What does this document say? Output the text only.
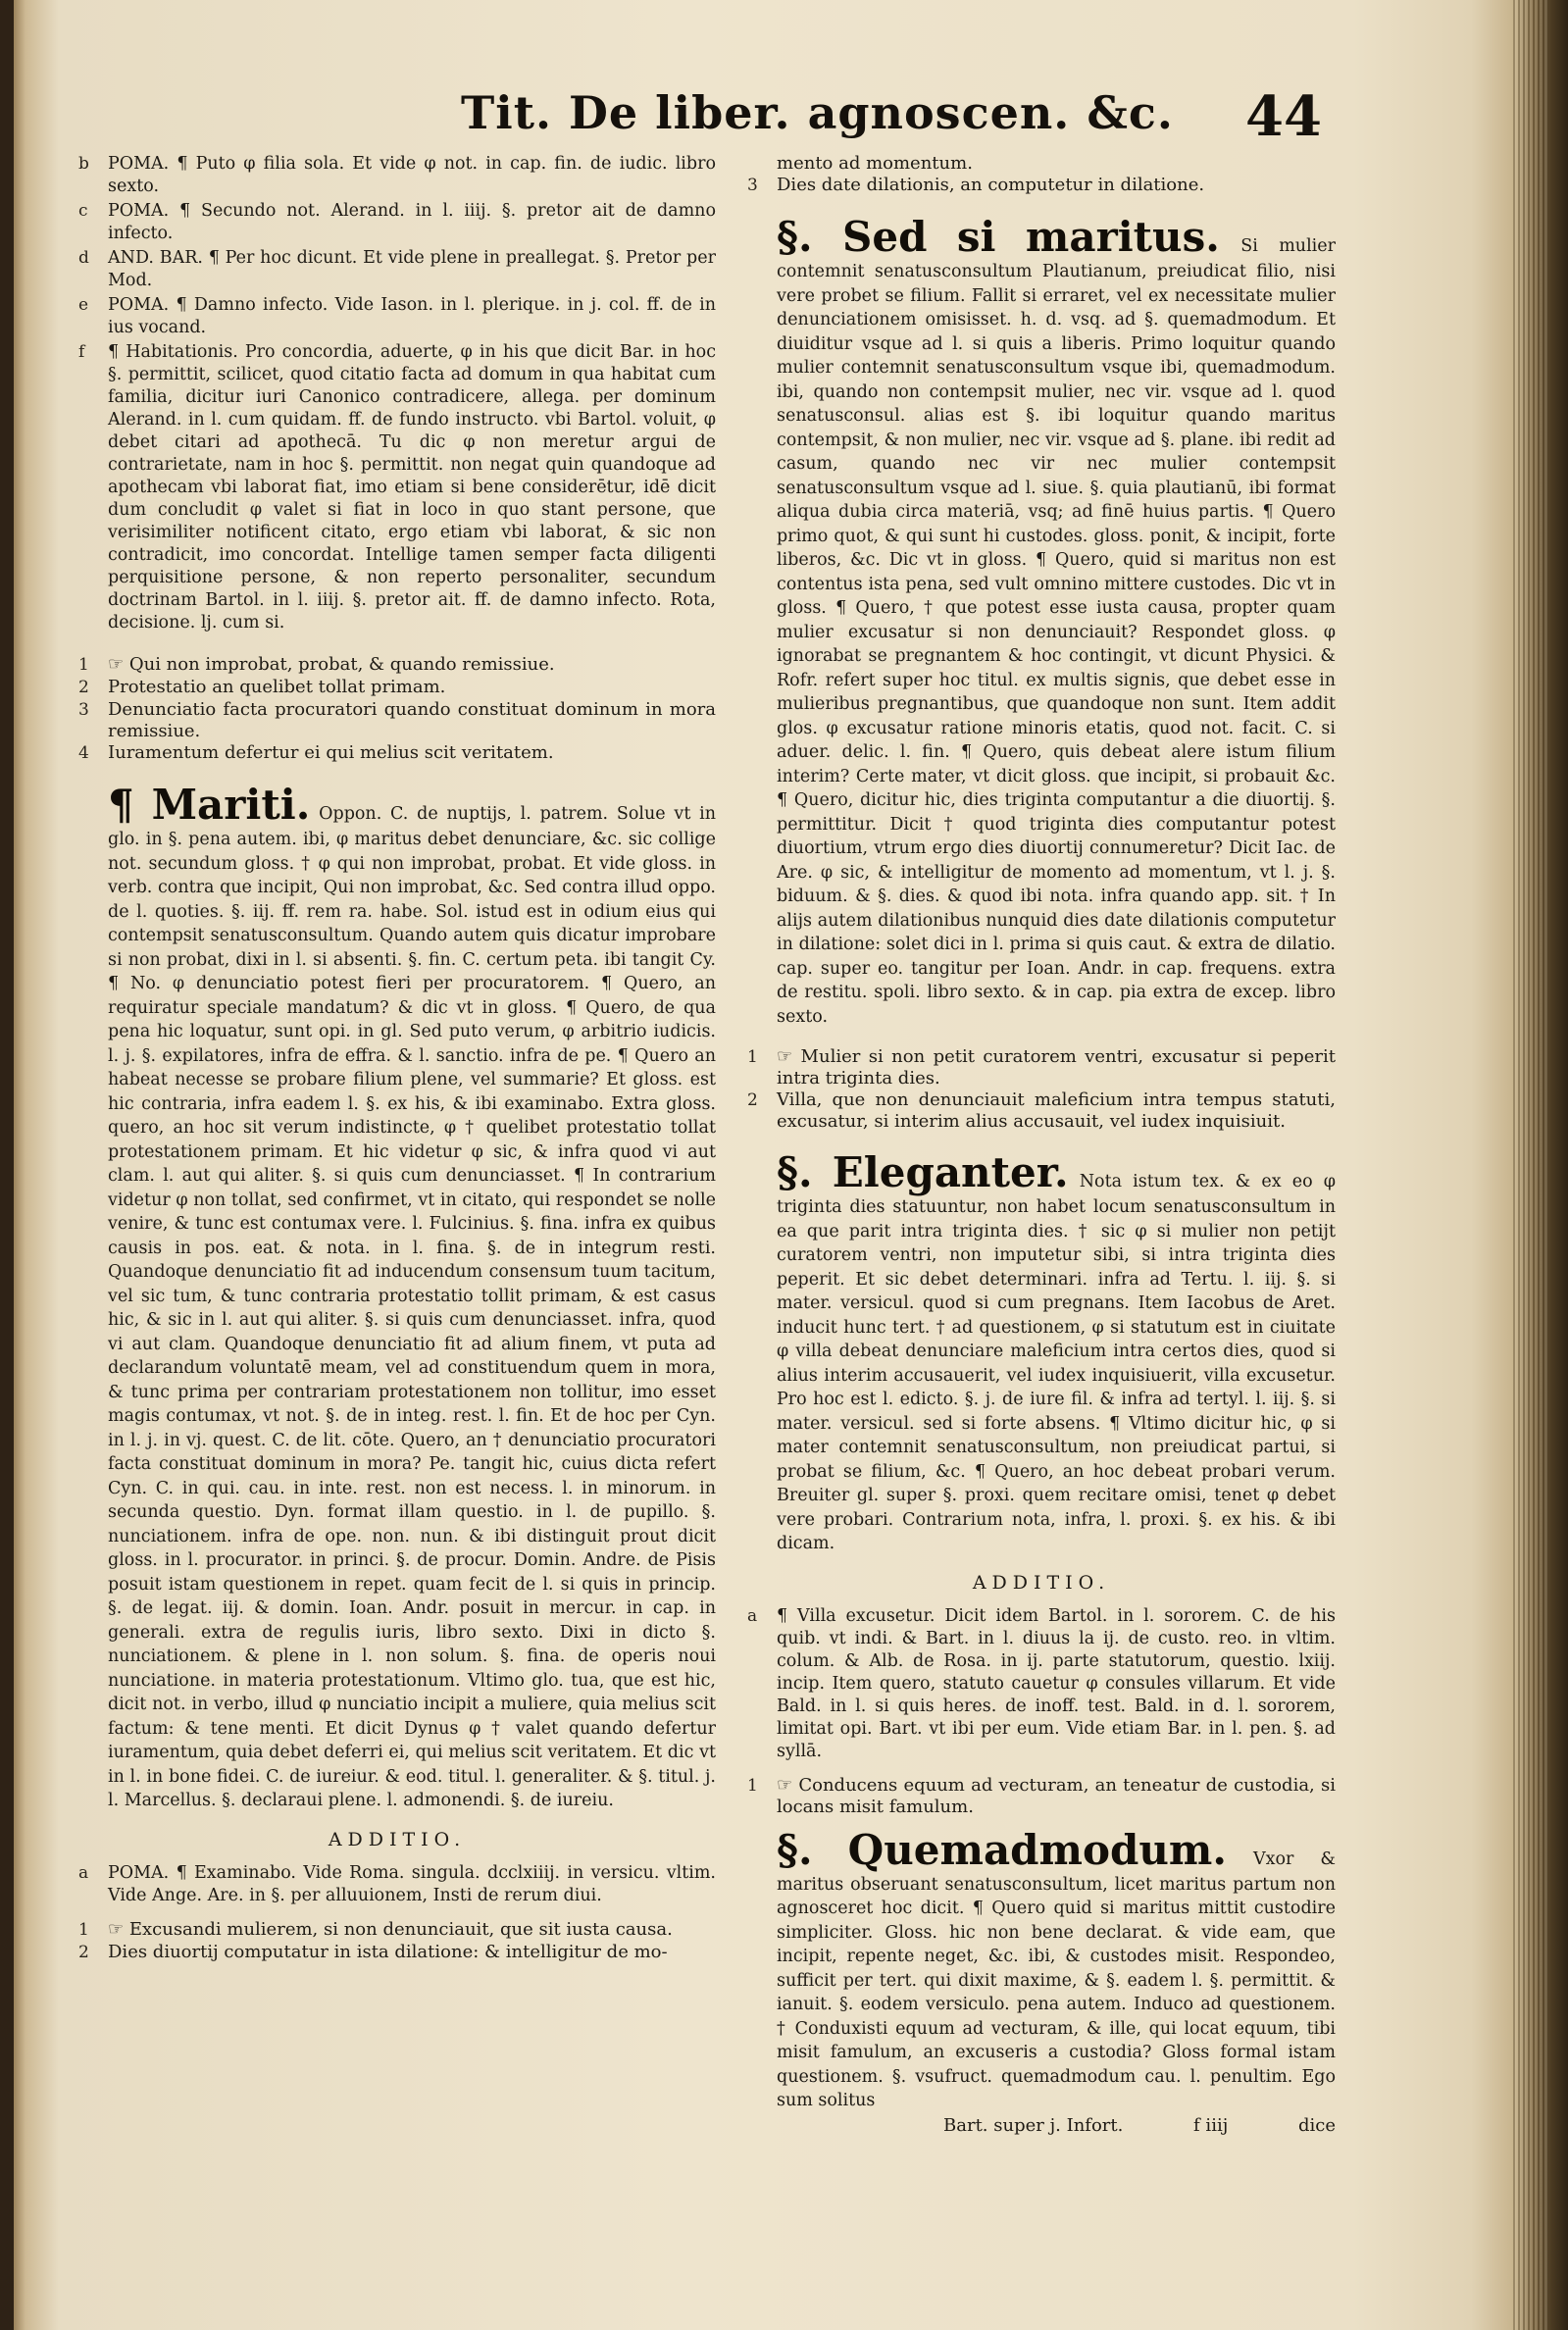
Tit. De liber. agnoscen. &c.	44
b	POMA. ¶ Puto φ filia sola. Et vide φ not. in cap. fin. de iudic. libro sexto.
c	POMA. ¶ Secundo not. Alerand. in l. iiij. §. pretor ait de damno infecto.
d	AND. BAR. ¶ Per hoc dicunt. Et vide plene in preallegat. §. Pretor per Mod.
e	POMA. ¶ Damno infecto. Vide Iason. in l. plerique. in j. col. ff. de in ius vocand.
f	¶ Habitationis. Pro concordia, aduerte, φ in his que dicit Bar. in hoc §. permittit, scilicet, quod citatio facta ad domum in qua habitat cum familia, dicitur iuri Canonico contradicere, allega. per dominum Alerand. in l. cum quidam. ff. de fundo instructo. vbi Bartol. voluit, φ debet citari ad apothecā. Tu dic φ non meretur argui de contrarietate, nam in hoc §. permittit. non negat quin quandoque ad apothecam vbi laborat fiat, imo etiam si bene considerētur, idē dicit dum concludit φ valet si fiat in loco in quo stant persone, que verisimiliter notificent citato, ergo etiam vbi laborat, & sic non contradicit, imo concordat. Intellige tamen semper facta diligenti perquisitione persone, & non reperto personaliter, secundum doctrinam Bartol. in l. iiij. §. pretor ait. ff. de damno infecto. Rota, decisione. lj. cum si.
1	☞ Qui non improbat, probat, & quando remissiue.
2	Protestatio an quelibet tollat primam.
3	Denunciatio facta procuratori quando constituat dominum in mora remissiue.
4	Iuramentum defertur ei qui melius scit veritatem.
¶ Mariti. Oppon. C. de nuptijs, l. patrem. Solue vt in glo. in §. pena autem. ibi, φ maritus debet denunciare, &c. sic collige not. secundum gloss. † φ qui non improbat, probat. Et vide gloss. in verb. contra que incipit, Qui non improbat, &c. Sed contra illud oppo. de l. quoties. §. iij. ff. rem ra. habe. Sol. istud est in odium eius qui contempsit senatusconsultum. Quando autem quis dicatur improbare si non probat, dixi in l. si absenti. §. fin. C. certum peta. ibi tangit Cy. ¶ No. φ denunciatio potest fieri per procuratorem. ¶ Quero, an requiratur speciale mandatum? & dic vt in gloss. ¶ Quero, de qua pena hic loquatur, sunt opi. in gl. Sed puto verum, φ arbitrio iudicis. l. j. §. expilatores, infra de effra. & l. sanctio. infra de pe. ¶ Quero an habeat necesse se probare filium plene, vel summarie? Et gloss. est hic contraria, infra eadem l. §. ex his, & ibi examinabo. Extra gloss. quero, an hoc sit verum indistincte, φ † quelibet protestatio tollat protestationem primam. Et hic videtur φ sic, & infra quod vi aut clam. l. aut qui aliter. §. si quis cum denunciasset. ¶ In contrarium videtur φ non tollat, sed confirmet, vt in citato, qui respondet se nolle venire, & tunc est contumax vere. l. Fulcinius. §. fina. infra ex quibus causis in pos. eat. & nota. in l. fina. §. de in integrum resti. Quandoque denunciatio fit ad inducendum consensum tuum tacitum, vel sic tum, & tunc contraria protestatio tollit primam, & est casus hic, & sic in l. aut qui aliter. §. si quis cum denunciasset. infra, quod vi aut clam. Quandoque denunciatio fit ad alium finem, vt puta ad declarandum voluntatē meam, vel ad constituendum quem in mora, & tunc prima per contrariam protestationem non tollitur, imo esset magis contumax, vt not. §. de in integ. rest. l. fin. Et de hoc per Cyn. in l. j. in vj. quest. C. de lit. cōte. Quero, an † denunciatio procuratori facta constituat dominum in mora? Pe. tangit hic, cuius dicta refert Cyn. C. in qui. cau. in inte. rest. non est necess. l. in minorum. in secunda questio. Dyn. format illam questio. in l. de pupillo. §. nunciationem. infra de ope. non. nun. & ibi distinguit prout dicit gloss. in l. procurator. in princi. §. de procur. Domin. Andre. de Pisis posuit istam questionem in repet. quam fecit de l. si quis in princip. §. de legat. iij. & domin. Ioan. Andr. posuit in mercur. in cap. in generali. extra de regulis iuris, libro sexto. Dixi in dicto §. nunciationem. & plene in l. non solum. §. fina. de operis noui nunciatione. in materia protestationum. Vltimo glo. tua, que est hic, dicit not. in verbo, illud φ nunciatio incipit a muliere, quia melius scit factum: & tene menti. Et dicit Dynus φ † valet quando defertur iuramentum, quia debet deferri ei, qui melius scit veritatem. Et dic vt in l. in bone fidei. C. de iureiur. & eod. titul. l. generaliter. & §. titul. j. l. Marcellus. §. declaraui plene. l. admonendi. §. de iureiu.
ADDITIO.
a	POMA. ¶ Examinabo. Vide Roma. singula. dcclxiiij. in versicu. vltim. Vide Ange. Are. in §. per alluuionem, Insti de rerum diui.
1	☞ Excusandi mulierem, si non denunciauit, que sit iusta causa.
2	Dies diuortij computatur in ista dilatione: & intelligitur de mo-
mento ad momentum.
3	Dies date dilationis, an computetur in dilatione.
§. Sed si maritus. Si mulier contemnit senatusconsultum Plautianum, preiudicat filio, nisi vere probet se filium. Fallit si erraret, vel ex necessitate mulier denunciationem omisisset. h. d. vsq. ad §. quemadmodum. Et diuiditur vsque ad l. si quis a liberis. Primo loquitur quando mulier contemnit senatusconsultum vsque ibi, quemadmodum. ibi, quando non contempsit mulier, nec vir. vsque ad l. quod senatusconsul. alias est §. ibi loquitur quando maritus contempsit, & non mulier, nec vir. vsque ad §. plane. ibi redit ad casum, quando nec vir nec mulier contempsit senatusconsultum vsque ad l. siue. §. quia plautianū, ibi format aliqua dubia circa materiā, vsq; ad finē huius partis. ¶ Quero primo quot, & qui sunt hi custodes. gloss. ponit, & incipit, forte liberos, &c. Dic vt in gloss. ¶ Quero, quid si maritus non est contentus ista pena, sed vult omnino mittere custodes. Dic vt in gloss. ¶ Quero, † que potest esse iusta causa, propter quam mulier excusatur si non denunciauit? Respondet gloss. φ ignorabat se pregnantem & hoc contingit, vt dicunt Physici. & Rofr. refert super hoc titul. ex multis signis, que debet esse in mulieribus pregnantibus, que quandoque non sunt. Item addit glos. φ excusatur ratione minoris etatis, quod not. facit. C. si aduer. delic. l. fin. ¶ Quero, quis debeat alere istum filium interim? Certe mater, vt dicit gloss. que incipit, si probauit &c. ¶ Quero, dicitur hic, dies triginta computantur a die diuortij. §. permittitur. Dicit † quod triginta dies computantur potest diuortium, vtrum ergo dies diuortij connumeretur? Dicit Iac. de Are. φ sic, & intelligitur de momento ad momentum, vt l. j. §. biduum. & §. dies. & quod ibi nota. infra quando app. sit. † In alijs autem dilationibus nunquid dies date dilationis computetur in dilatione: solet dici in l. prima si quis caut. & extra de dilatio. cap. super eo. tangitur per Ioan. Andr. in cap. frequens. extra de restitu. spoli. libro sexto. & in cap. pia extra de excep. libro sexto.
1	☞ Mulier si non petit curatorem ventri, excusatur si peperit intra triginta dies.
2	Villa, que non denunciauit maleficium intra tempus statuti, excusatur, si interim alius accusauit, vel iudex inquisiuit.
§. Eleganter. Nota istum tex. & ex eo φ triginta dies statuuntur, non habet locum senatusconsultum in ea que parit intra triginta dies. † sic φ si mulier non petijt curatorem ventri, non imputetur sibi, si intra triginta dies peperit. Et sic debet determinari. infra ad Tertu. l. iij. §. si mater. versicul. quod si cum pregnans. Item Iacobus de Aret. inducit hunc tert. † ad questionem, φ si statutum est in ciuitate φ villa debeat denunciare maleficium intra certos dies, quod si alius interim accusauerit, vel iudex inquisiuerit, villa excusetur. Pro hoc est l. edicto. §. j. de iure fil. & infra ad tertyl. l. iij. §. si mater. versicul. sed si forte absens. ¶ Vltimo dicitur hic, φ si mater contemnit senatusconsultum, non preiudicat partui, si probat se filium, &c. ¶ Quero, an hoc debeat probari verum. Breuiter gl. super §. proxi. quem recitare omisi, tenet φ debet vere probari. Contrarium nota, infra, l. proxi. §. ex his. & ibi dicam.
ADDITIO.
a	¶ Villa excusetur. Dicit idem Bartol. in l. sororem. C. de his quib. vt indi. & Bart. in l. diuus la ij. de custo. reo. in vltim. colum. & Alb. de Rosa. in ij. parte statutorum, questio. lxiij. incip. Item quero, statuto cauetur φ consules villarum. Et vide Bald. in l. si quis heres. de inoff. test. Bald. in d. l. sororem, limitat opi. Bart. vt ibi per eum. Vide etiam Bar. in l. pen. §. ad syllā.
1	☞ Conducens equum ad vecturam, an teneatur de custodia, si locans misit famulum.
§. Quemadmodum. Vxor & maritus obseruant senatusconsultum, licet maritus partum non agnosceret hoc dicit. ¶ Quero quid si maritus mittit custodire simpliciter. Gloss. hic non bene declarat. & vide eam, que incipit, repente neget, &c. ibi, & custodes misit. Respondeo, sufficit per tert. qui dixit maxime, & §. eadem l. §. permittit. & ianuit. §. eodem versiculo. pena autem. Induco ad questionem. † Conduxisti equum ad vecturam, & ille, qui locat equum, tibi misit famulum, an excuseris a custodia? Gloss formal istam questionem. §. vsufruct. quemadmodum cau. l. penultim. Ego sum solitus
Bart. super j. Infort.	f iiij	dice
